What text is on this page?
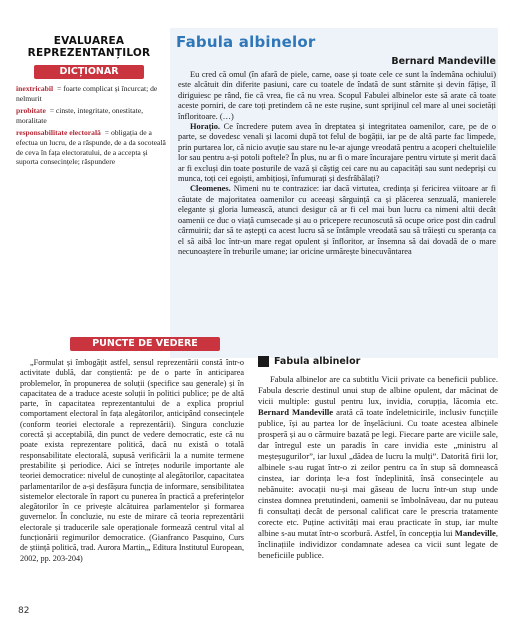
EVALUAREA
REPREZENTANȚILOR
DICȚIONAR
inextricabil = foarte complicat și încurcat; de nelmurit
probitate = cinste, integritate, onestitate, moralitate
responsabilitate electorală = obligația de a efectua un lucru, de a răspunde, de a da socoteală de ceva în fața electoratului, de a accepta și suporta consecințele; răspundere
Fabula albinelor
Bernard Mandeville

Eu cred că omul (în afară de piele, carne, oase și toate cele ce sunt la îndemâna ochiului) este alcătuit din diferite pasiuni, care cu toatele de îndată de sunt stârnite și devin fățișe, îl diriguiesc pe rând, fie că vrea, fie că nu vrea. Scopul Fabulei albinelor este să arate că toate aceste porniri, de care toți pretindem că ne este rușine, sunt sprijinul cel mare al unei societăți înfloritoare. (…)

Horațio. Ce încredere putem avea în dreptatea și integritatea oamenilor, care, pe de o parte, se dovedesc venali și lacomi după tot felul de bogății, iar pe de altă parte fac limpede, prin purtarea lor, că nicio avuție sau stare nu le-ar ajunge vreodată pentru a acoperi cheltuielile lor sau pentru a-și potoli poftele? În plus, nu ar fi o mare încurajare pentru virtute și merit dacă ar fi excluși din toate posturile de vază și câștig cei care nu au capacități sau sunt nedepriși cu munca, toți cei egoiști, ambițioși, înfumurați și desfrâbălați?

Cleomenes. Nimeni nu te contrazice: iar dacă virtutea, credința și fericirea viitoare ar fi căutate de majoritatea oamenilor cu aceeași sârguință ca și plăcerea senzuală, manierele elegante și gloria lumească, atunci desigur că ar fi cel mai bun lucru ca nimeni altii decât oamenii ce duc o viață cumsecade și au o pricepere recunoscută să ocupe orice post din cadrul cârmuirii; dar să te aștepți ca acest lucru să se întâmple vreodată sau să trăiești cu speranța ca el să aibă loc într-un mare regat opulent și înfloritor, ar însemna să dai dovadă de o mare necunoaștere în treburile umane; iar oricine urmărește binecuvântarea

PUNCTE DE VEDERE

„Formulat și îmbogățit astfel, sensul reprezentării constă într-o activitate dublă, dar conștientă: pe de o parte în anticiparea problemelor, în propunerea de soluții (specifice sau generale) și în capacitatea de a traduce aceste soluții în politici publice; pe de altă parte, în capacitatea reprezentantului de a explica propriul comportament electoral în fața alegătorilor, anticipând consecințele (conform teoriei electorale a reprezentării). Singura concluzie corectă și acceptabilă, din punct de vedere democratic, este că nu poate exista reprezentare politică, dacă nu există o totală responsabilitate electorală, supusă verificării la a numite termene prestabilite și periodice. Aici se întrețes nodurile importante ale teoriei democratice: nivelul de cunoștințe al alegătorilor, capacitatea parlamentarilor de a-și desfășura funcția de informare, sensibilitatea sistemelor electorale în raport cu punerea în practică a preferințelor alegătorilor în ce privește alcătuirea parlamentelor și formarea guvernelor. În concluzie, nu este de mirare că teoria reprezentării electorale și traducerile sale operaționale formează centrul vital al funcționării regimurilor democratice. (Gianfranco Pasquino, Curs de știință politică, trad. Aurora Martin,„ Editura Institutul European, 2002, pp. 203-204)

Fabula albinelor

Fabula albinelor are ca subtitlu Vicii private ca beneficii publice. Fabula descrie destinul unui stup de albine opulent, dar măcinat de vicii multiple: gustul pentru lux, invidia, corupția, lăcomia etc. Bernard Mandeville arată că toate îndeletnicirile, inclusiv funcțiile publice, își au partea lor de înșelăciuni. Cu toate acestea albinele prosperă și au o cărmuire bazată pe legi. Fiecare parte are viciile sale, dar întregul este un paradis în care invidia este „ministru al meșteșugurilor”, iar luxul „dădea de lucru la mulți”. Datorită firii lor, albinele s-au rugat într-o zi zeilor pentru ca în stup să domnească cinstea, iar dorința le-a fost îndeplinită, însă consecințele au nebănuite: avocații nu-și mai găseau de lucru într-un stup unde cinstea domnea pretutindeni, oamenii se îmbolnăveau, dar nu puteau fi consultați decât de personal calificat care le prescria tratamente corecte etc. Puține activități mai erau practicate în stup, iar multe albine s-au mutat într-o scorbură. Astfel, în concepția lui Mandeville, înclinațiile individizor condamnate adesea ca vicii sunt legate de beneficiile publice.

82
